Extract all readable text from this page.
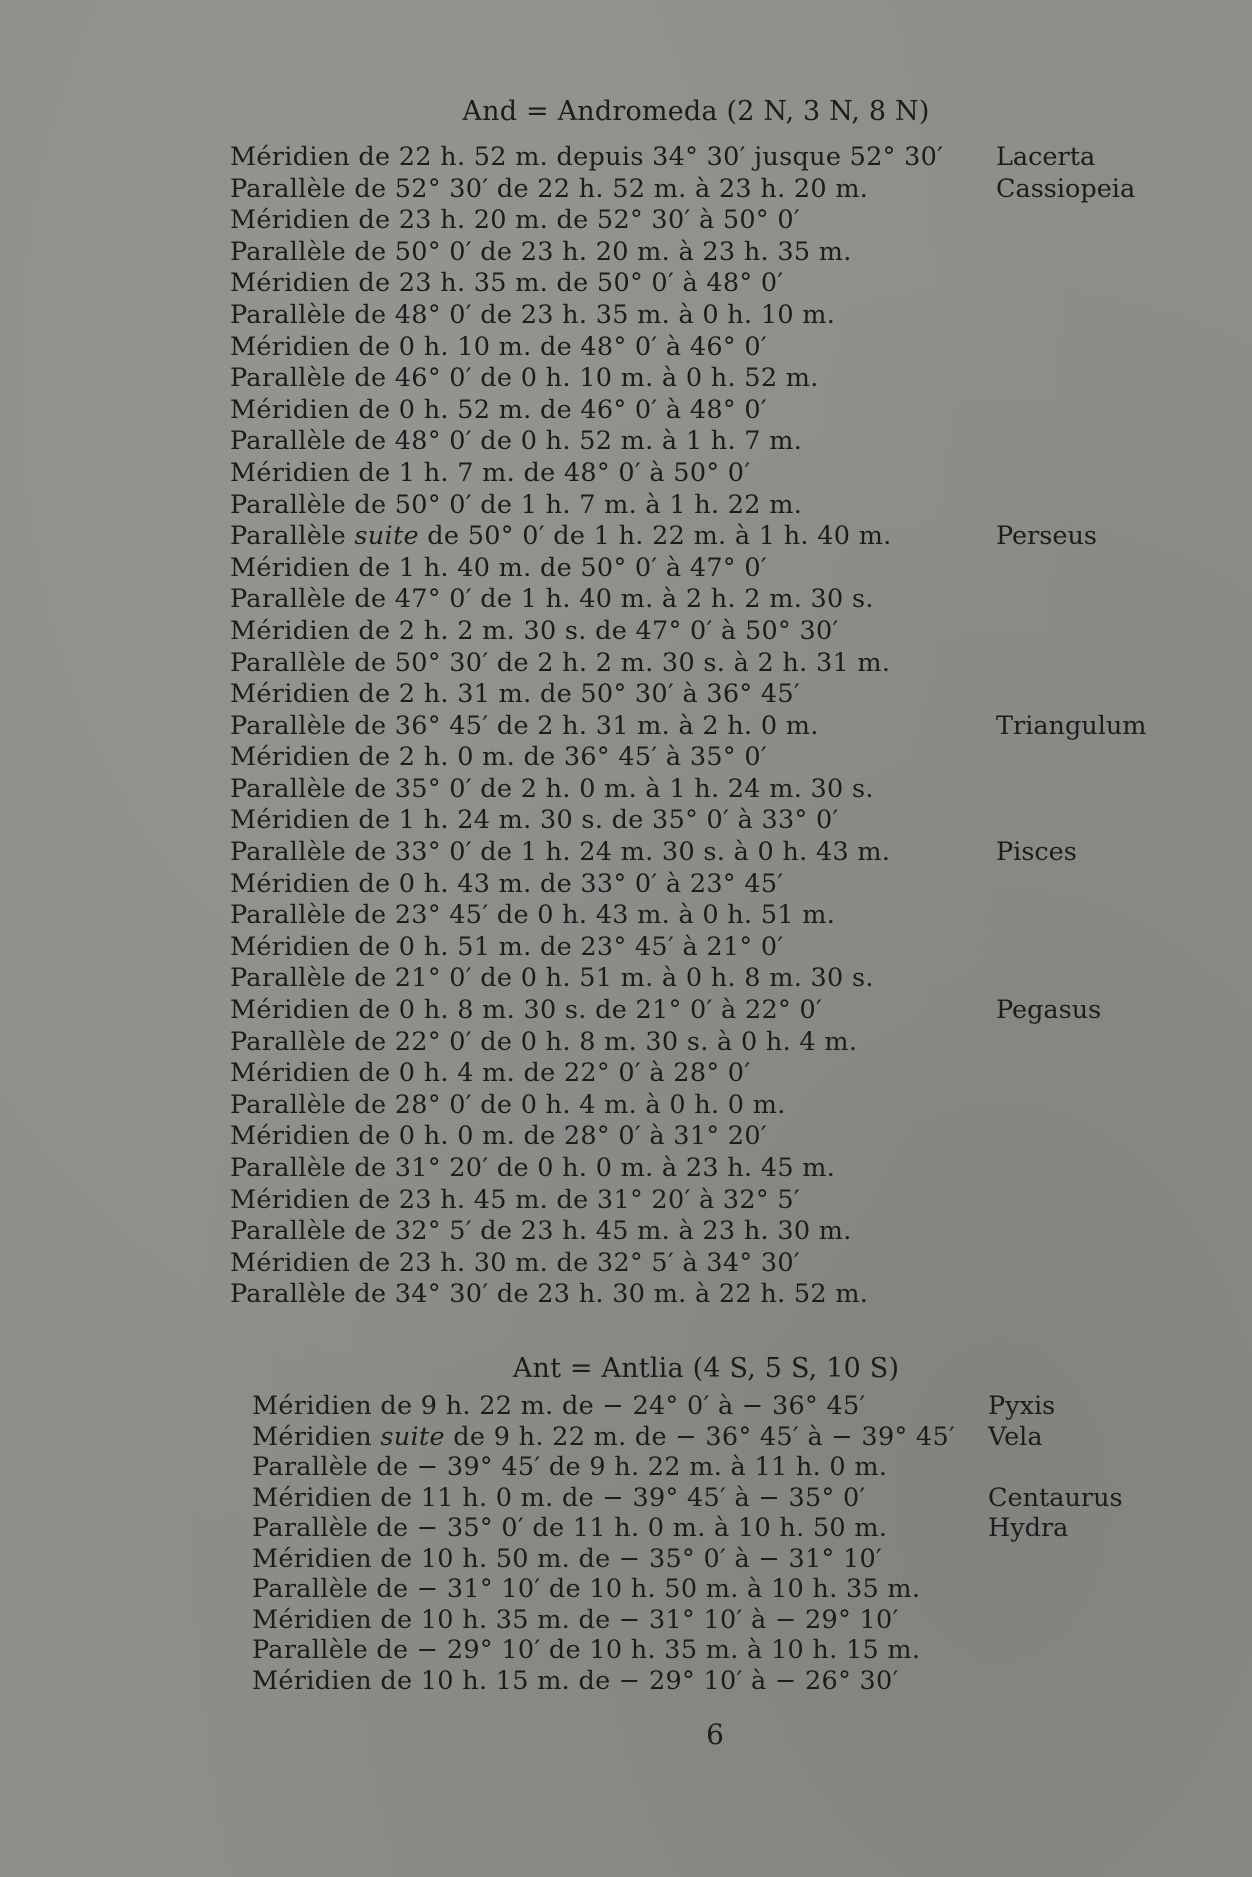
And = Andromeda (2 N, 3 N, 8 N)
Méridien de 22 h. 52 m. depuis 34° 30′ jusque 52° 30′ Lacerta
Parallèle de 52° 30′ de 22 h. 52 m. à 23 h. 20 m.	Cassiopeia
Méridien de 23 h. 20 m. de 52° 30′ à 50° 0′
Parallèle de 50° 0′ de 23 h. 20 m. à 23 h. 35 m.
Méridien de 23 h. 35 m. de 50° 0′ à 48° 0′
Parallèle de 48° 0′ de 23 h. 35 m. à 0 h. 10 m.
Méridien de 0 h. 10 m. de 48° 0′ à 46° 0′
Parallèle de 46° 0′ de 0 h. 10 m. à 0 h. 52 m.
Méridien de 0 h. 52 m. de 46° 0′ à 48° 0′
Parallèle de 48° 0′ de 0 h. 52 m. à 1 h. 7 m.
Méridien de 1 h. 7 m. de 48° 0′ à 50° 0′
Parallèle de 50° 0′ de 1 h. 7 m. à 1 h. 22 m.
Parallèle suite de 50° 0′ de 1 h. 22 m. à 1 h. 40 m.	Perseus
Méridien de 1 h. 40 m. de 50° 0′ à 47° 0′
Parallèle de 47° 0′ de 1 h. 40 m. à 2 h. 2 m. 30 s.
Méridien de 2 h. 2 m. 30 s. de 47° 0′ à 50° 30′
Parallèle de 50° 30′ de 2 h. 2 m. 30 s. à 2 h. 31 m.
Méridien de 2 h. 31 m. de 50° 30′ à 36° 45′
Parallèle de 36° 45′ de 2 h. 31 m. à 2 h. 0 m.	Triangulum
Méridien de 2 h. 0 m. de 36° 45′ à 35° 0′
Parallèle de 35° 0′ de 2 h. 0 m. à 1 h. 24 m. 30 s.
Méridien de 1 h. 24 m. 30 s. de 35° 0′ à 33° 0′
Parallèle de 33° 0′ de 1 h. 24 m. 30 s. à 0 h. 43 m.	Pisces
Méridien de 0 h. 43 m. de 33° 0′ à 23° 45′
Parallèle de 23° 45′ de 0 h. 43 m. à 0 h. 51 m.
Méridien de 0 h. 51 m. de 23° 45′ à 21° 0′
Parallèle de 21° 0′ de 0 h. 51 m. à 0 h. 8 m. 30 s.
Méridien de 0 h. 8 m. 30 s. de 21° 0′ à 22° 0′	Pegasus
Parallèle de 22° 0′ de 0 h. 8 m. 30 s. à 0 h. 4 m.
Méridien de 0 h. 4 m. de 22° 0′ à 28° 0′
Parallèle de 28° 0′ de 0 h. 4 m. à 0 h. 0 m.
Méridien de 0 h. 0 m. de 28° 0′ à 31° 20′
Parallèle de 31° 20′ de 0 h. 0 m. à 23 h. 45 m.
Méridien de 23 h. 45 m. de 31° 20′ à 32° 5′
Parallèle de 32° 5′ de 23 h. 45 m. à 23 h. 30 m.
Méridien de 23 h. 30 m. de 32° 5′ à 34° 30′
Parallèle de 34° 30′ de 23 h. 30 m. à 22 h. 52 m.
Ant = Antlia (4 S, 5 S, 10 S)
Méridien de 9 h. 22 m. de − 24° 0′ à − 36° 45′	Pyxis
Méridien suite de 9 h. 22 m. de − 36° 45′ à − 39° 45′ Vela
Parallèle de − 39° 45′ de 9 h. 22 m. à 11 h. 0 m.
Méridien de 11 h. 0 m. de − 39° 45′ à − 35° 0′	Centaurus
Parallèle de − 35° 0′ de 11 h. 0 m. à 10 h. 50 m.	Hydra
Méridien de 10 h. 50 m. de − 35° 0′ à − 31° 10′
Parallèle de − 31° 10′ de 10 h. 50 m. à 10 h. 35 m.
Méridien de 10 h. 35 m. de − 31° 10′ à − 29° 10′
Parallèle de − 29° 10′ de 10 h. 35 m. à 10 h. 15 m.
Méridien de 10 h. 15 m. de − 29° 10′ à − 26° 30′
6
